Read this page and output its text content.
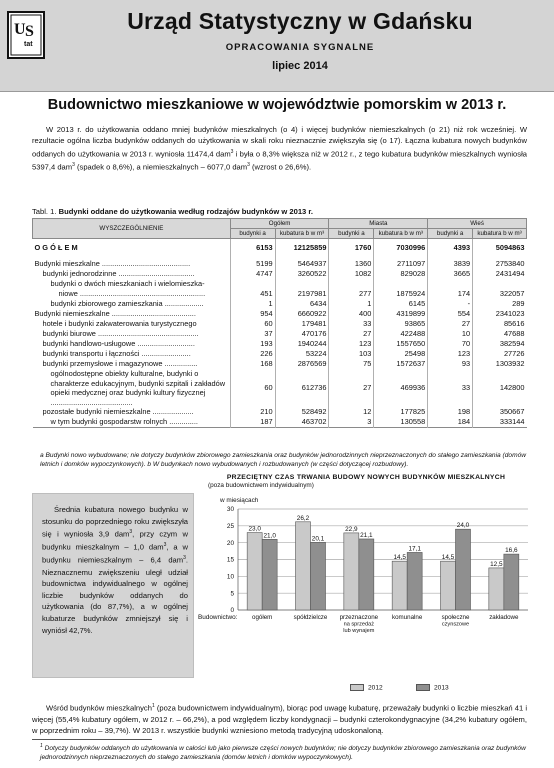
U S
tat
Urząd Statystyczny w Gdańsku
OPRACOWANIA SYGNALNE
lipiec 2014
Budownictwo mieszkaniowe w województwie pomorskim w 2013 r.

W 2013 r. do użytkowania oddano mniej budynków mieszkalnych (o 4) i więcej budynków niemieszkalnych (o 21) niż rok wcześniej. W rezultacie ogólna liczba budynków oddanych do użytkowania w skali roku nieznacznie zwiększyła się (o 17). Łączna kubatura nowych budynków oddanych do użytkowania w 2013 r. wyniosła 11474,4 dam$^3$ i była o 8,3% większa niż w 2012 r., z tego kubatura budynków mieszkalnych wyniosła 5397,4 dam$^3$ (spadek o 8,6%), a niemieszkalnych – 6077,0 dam$^3$ (wzrost o 26,6%).

Tabl. 1. Budynki oddane do użytkowania według rodzajów budynków w 2013 r.
WYSZCZEGÓLNIENIE	Ogółem		Miasta		Wieś	
	budynki a	kubatura b w m³	budynki a	kubatura b w m³	budynki a	kubatura b w m³
O G Ó Ł E M	6153	12125859	1760	7030996	4393	5094863

Budynki mieszkalne ...........................................	5199	5464937	1360	2711097	3839	2753840
budynki jednorodzinne .....................................	4747	3260522	1082	829028	3665	2431494
budynki o dwóch mieszkaniach i wielomieszka-						
niowe .............................................................	451	2197981	277	1875924	174	322057
budynki zbiorowego zamieszkania ...................	1	6434	1	6145	-	289
Budynki niemieszkalne .........................................	954	6660922	400	4319899	554	2341023
hotele i budynki zakwaterowania turystycznego	60	179481	33	93865	27	85616
budynki biurowe .................................................	37	470176	27	422488	10	47688
budynki handlowo-usługowe ............................	193	1940244	123	1557650	70	382594
budynki transportu i łączności ........................	226	53224	103	25498	123	27726
budynki przemysłowe i magazynowe ................	168	2876569	75	1572637	93	1303932
ogólnodostępne obiekty kulturalne, budynki o charakterze edukacyjnym, budynki szpitali i zakładów opieki medycznej oraz budynki kultury fizycznej ........................................	60	612736	27	469936	33	142800
pozostałe budynki niemieszkalne ....................	210	528492	12	177825	198	350667
w tym budynki gospodarstw rolnych ..............	187	463702	3	130558	184	333144
a Budynki nowo wybudowane; nie dotyczy budynków zbiorowego zamieszkania oraz budynków jednorodzinnych nieprzeznaczonych do stałego zamieszkania (domów letnich i domków wypoczynkowych). b W budynkach nowo wybudowanych i rozbudowanych (w części dotyczącej rozbudowy).

Średnia kubatura nowego budynku w stosunku do poprzedniego roku zwiększyła się i wyniosła 3,9 dam$^3$, przy czym w budynku mieszkalnym – 1,0 dam$^3$, a w budynku niemieszkalnym – 6,4 dam$^3$. Nieznacznemu zwiększeniu uległ udział budownictwa indywidualnego w ogólnej liczbie budynków oddanych do użytkowania (do 87,7%), a w ogólnej kubaturze budynków zmniejszył się i wyniósł 42,7%.

w miesiącach
0
5
10
15
20
25
30
23,0
26,2
22,9
14,5	14,5
12,5
21,0	20,1	21,1
17,1
24,0
16,6
ogółem	spółdzielcze przeznaczone
na sprzedaż
lub wynajem
komunalne	społeczne
czynszowe
zakładowe
Budownictwo:
PRZECIĘTNY CZAS TRWANIA BUDOWY NOWYCH BUDYNKÓW MIESZKALNYCH
(poza budownictwem indywidualnym)
2012	2013

Wśród budynków mieszkalnych$^1$ (poza budownictwem indywidualnym), biorąc pod uwagę kubaturę, przeważały budynki o liczbie mieszkań 41 i więcej (55,4% kubatury ogółem, w 2012 r. – 66,2%), a pod względem liczby kondygnacji – budynki czterokondygnacyjne (34,2% kubatury ogółem, w poprzednim roku – 39,7%). W 2013 r. wszystkie budynki wzniesiono metodą tradycyjną udoskonaloną.

$^1$ Dotyczy budynków oddanych do użytkowania w całości lub jako pierwsze części nowych budynków; nie dotyczy budynków zbiorowego zamieszkania oraz budynków jednorodzinnych nieprzeznaczonych do stałego zamieszkania (domów letnich i domków wypoczynkowych).
